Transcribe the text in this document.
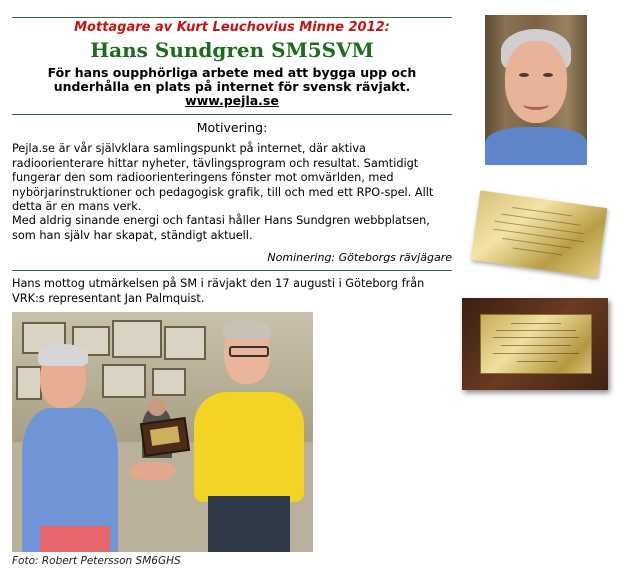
Mottagare av Kurt Leuchovius Minne 2012:
Hans Sundgren SM5SVM
För hans oupphörliga arbete med att bygga upp och underhålla en plats på internet för svensk rävjakt.
www.pejla.se
Motivering:
Pejla.se är vår självklara samlingspunkt på internet, där aktiva radioorienterare hittar nyheter, tävlingsprogram och resultat. Samtidigt fungerar den som radioorienteringens fönster mot omvärlden, med nybörjarinstruktioner och pedagogisk grafik, till och med ett RPO-spel. Allt detta är en mans verk.
Med aldrig sinande energi och fantasi håller Hans Sundgren webbplatsen, som han själv har skapat, ständigt aktuell.
Nominering: Göteborgs rävjägare
Hans mottog utmärkelsen på SM i rävjakt den 17 augusti i Göteborg från VRK:s representant Jan Palmquist.
Foto: Robert Petersson SM6GHS
